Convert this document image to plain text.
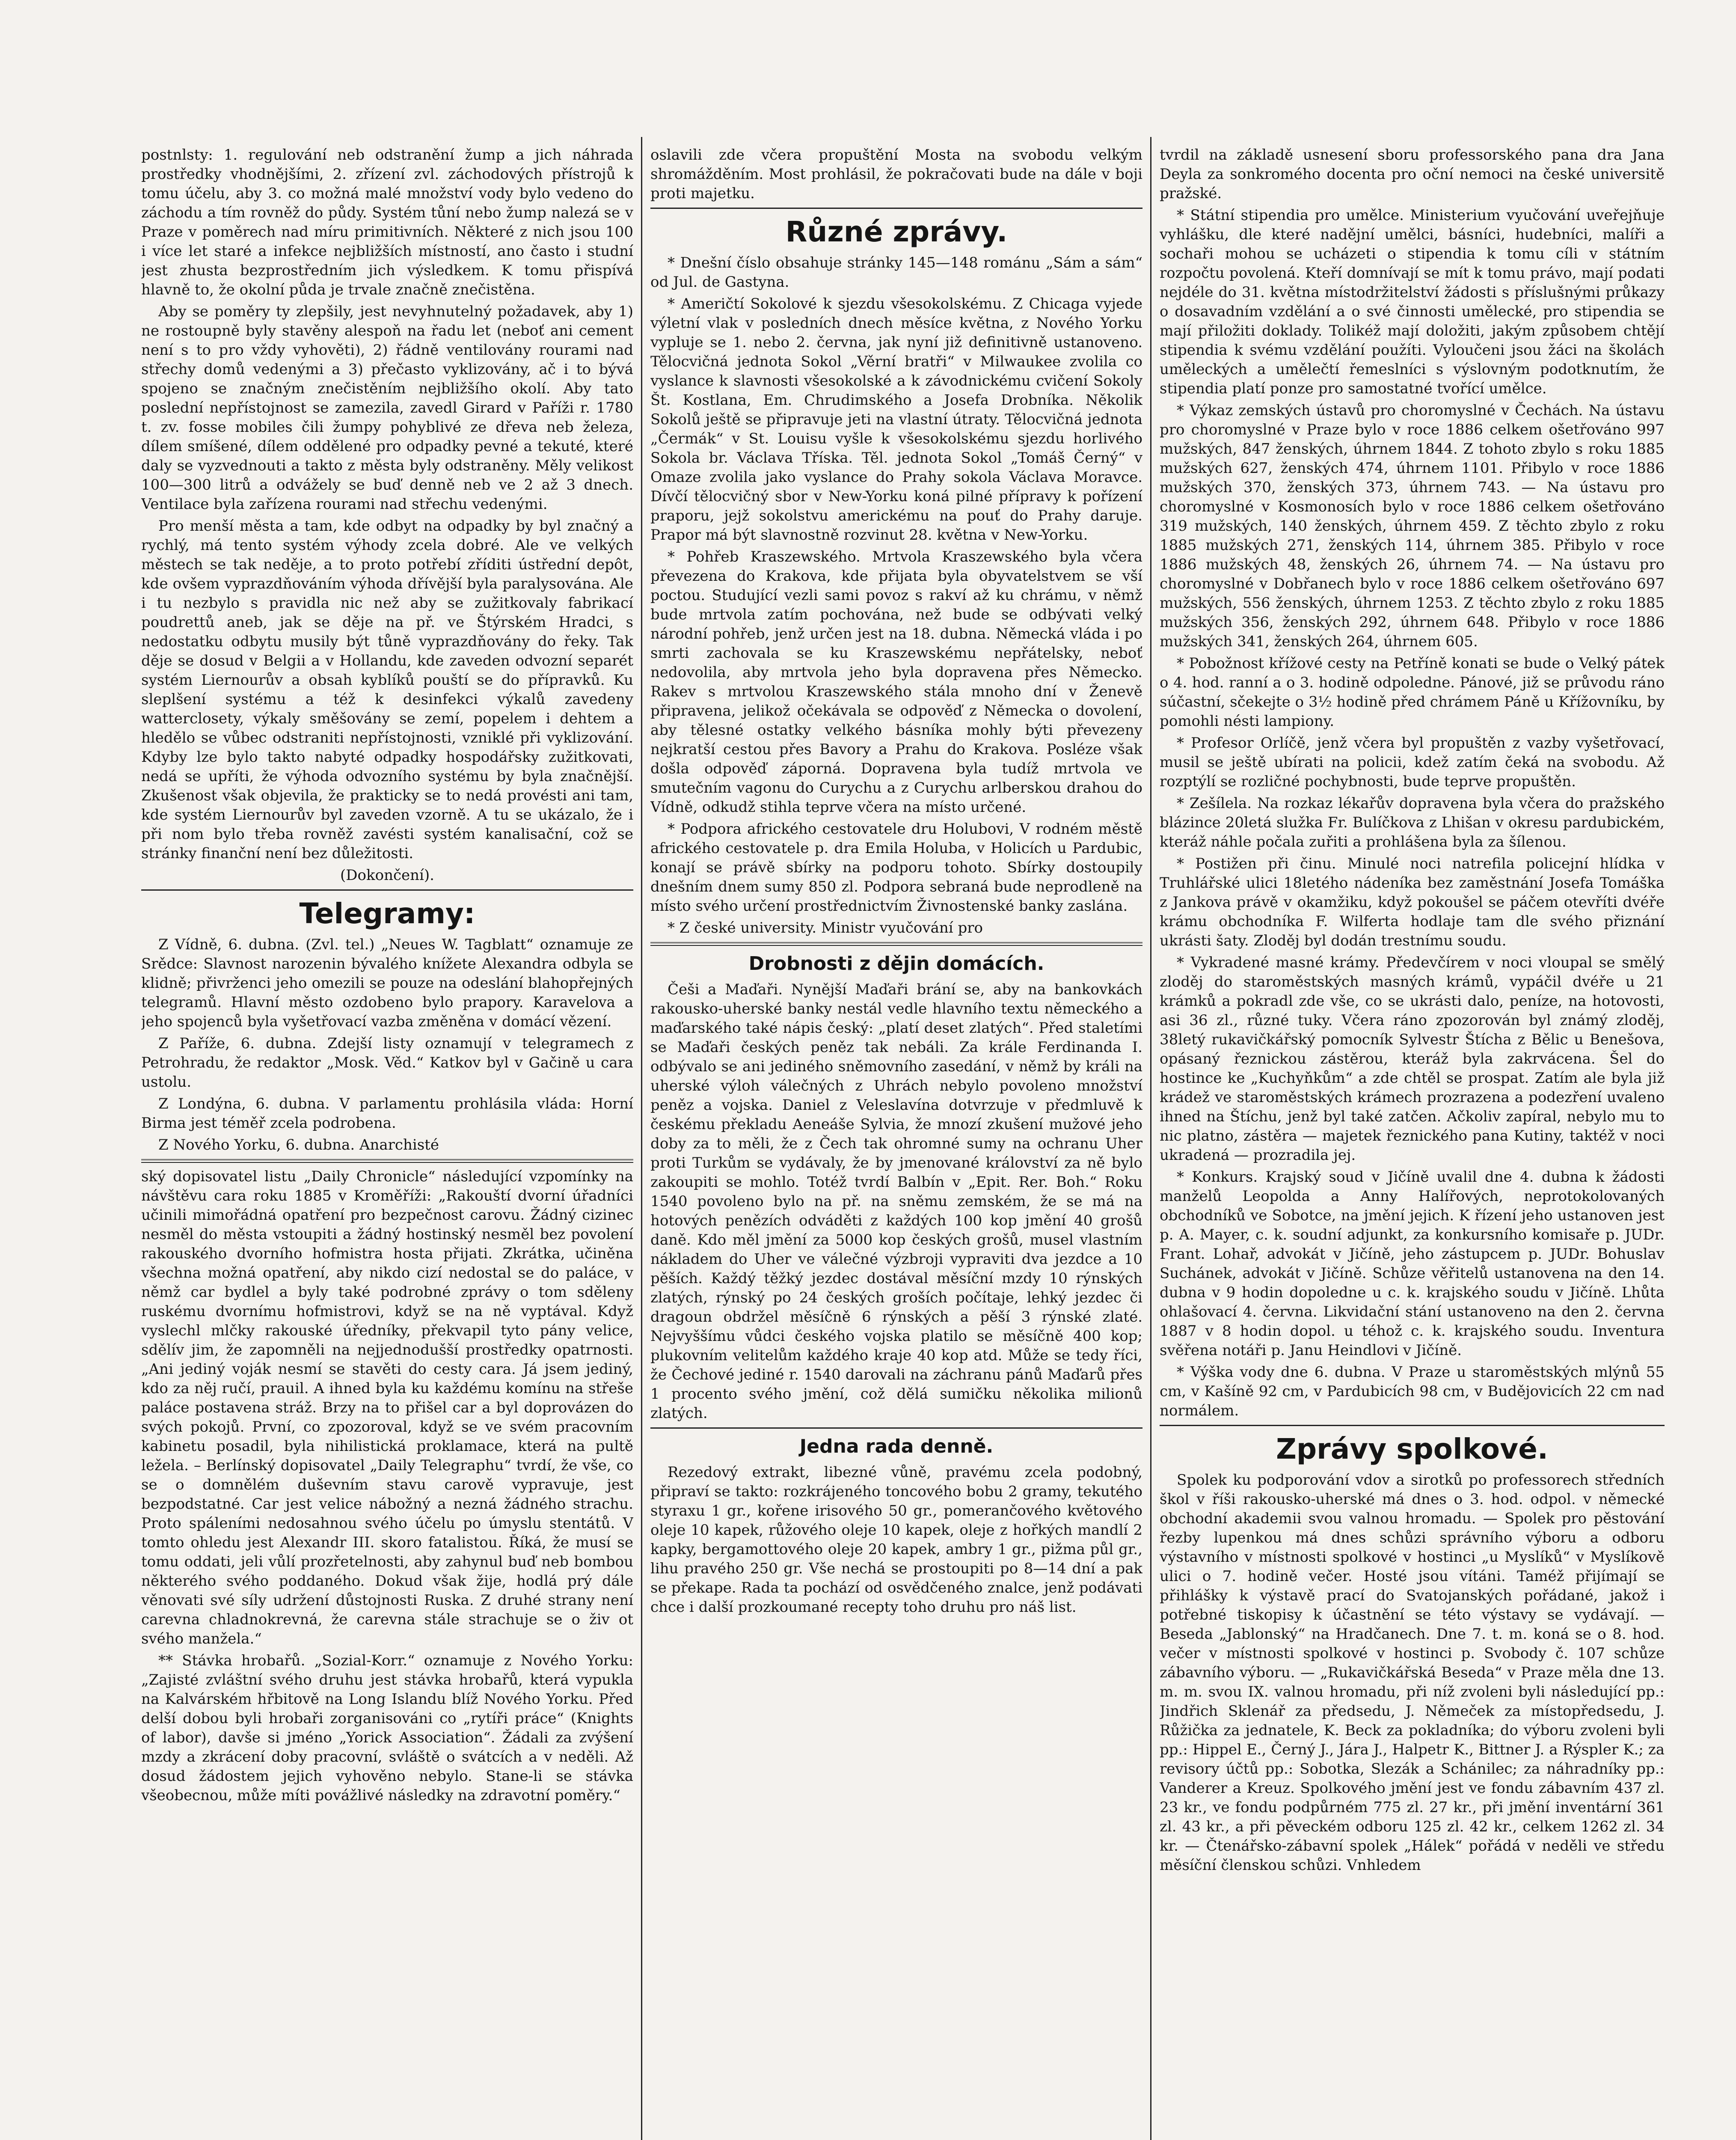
postnlsty: 1. regulování neb odstranění žump a jich náhrada prostředky vhodnějšími, 2. zřízení zvl. záchodových přístrojů k tomu účelu, aby 3. co možná malé množství vody bylo vedeno do záchodu a tím rovněž do půdy. Systém tůní nebo žump nalezá se v Praze v poměrech nad míru primitivních. Některé z nich jsou 100 i více let staré a infekce nejbližších místností, ano často i studní jest zhusta bezprostředním jich výsledkem. K tomu přispívá hlavně to, že okolní půda je trvale značně znečistěna.

Aby se poměry ty zlepšily, jest nevyhnutelný požadavek, aby 1) ne rostoupně byly stavěny alespoň na řadu let (neboť ani cement není s to pro vždy vyhověti), 2) řádně ventilovány rourami nad střechy domů vedenými a 3) přečasto vyklizovány, ač i to bývá spojeno se značným znečistěním nejbližšího okolí. Aby tato poslední nepřístojnost se zamezila, zavedl Girard v Paříži r. 1780 t. zv. fosse mobiles čili žumpy pohyblivé ze dřeva neb železa, dílem smíšené, dílem oddělené pro odpadky pevné a tekuté, které daly se vyzvednouti a takto z města byly odstraněny. Měly velikost 100—300 litrů a odvážely se buď denně neb ve 2 až 3 dnech. Ventilace byla zařízena rourami nad střechu vedenými.

Pro menší města a tam, kde odbyt na odpadky by byl značný a rychlý, má tento systém výhody zcela dobré. Ale ve velkých městech se tak neděje, a to proto potřebí zříditi ústřední depôt, kde ovšem vyprazdňováním výhoda dřívější byla paralysována. Ale i tu nezbylo s pravidla nic než aby se zužitkovaly fabrikací poudrettů aneb, jak se děje na př. ve Štýrském Hradci, s nedostatku odbytu musily být tůně vyprazdňovány do řeky. Tak děje se dosud v Belgii a v Hollandu, kde zaveden odvozní separét systém Liernourův a obsah kyblíků pouští se do přípravků. Ku sleplšení systému a též k desinfekci výkalů zavedeny watterclosety, výkaly směšovány se zemí, popelem i dehtem a hledělo se vůbec odstraniti nepřístojnosti, vzniklé při vyklizování. Kdyby lze bylo takto nabyté odpadky hospodářsky zužitkovati, nedá se upříti, že výhoda odvozního systému by byla značnější. Zkušenost však objevila, že prakticky se to nedá provésti ani tam, kde systém Liernourův byl zaveden vzorně. A tu se ukázalo, že i při nom bylo třeba rovněž zavésti systém kanalisační, což se stránky finanční není bez důležitosti.

(Dokončení).

Telegramy:

Z Vídně, 6. dubna. (Zvl. tel.) „Neues W. Tagblatt“ oznamuje ze Srědce: Slavnost narozenin bývalého knížete Alexandra odbyla se klidně; přivrženci jeho omezili se pouze na odeslání blahopřejných telegramů. Hlavní město ozdobeno bylo prapory. Karavelova a jeho spojenců byla vyšetřovací vazba změněna v domácí vězení.

Z Paříže, 6. dubna. Zdejší listy oznamují v telegramech z Petrohradu, že redaktor „Mosk. Věd.“ Katkov byl v Gačině u cara ustolu.

Z Londýna, 6. dubna. V parlamentu prohlásila vláda: Horní Birma jest téměř zcela podrobena.

Z Nového Yorku, 6. dubna. Anarchisté

ský dopisovatel listu „Daily Chronicle“ následující vzpomínky na návštěvu cara roku 1885 v Kroměříži: „Rakouští dvorní úřadníci učinili mimořádná opatření pro bezpečnost carovu. Žádný cizinec nesměl do města vstoupiti a žádný hostinský nesměl bez povolení rakouského dvorního hofmistra hosta přijati. Zkrátka, učiněna všechna možná opatření, aby nikdo cizí nedostal se do paláce, v němž car bydlel a byly také podrobné zprávy o tom sděleny ruskému dvornímu hofmistrovi, když se na ně vyptával. Když vyslechl mlčky rakouské úředníky, překvapil tyto pány velice, sdělív jim, že zapomněli na nejjednodušší prostředky opatrnosti. „Ani jediný voják nesmí se stavěti do cesty cara. Já jsem jediný, kdo za něj ručí, prauil. A ihned byla ku každému komínu na střeše paláce postavena stráž. Brzy na to přišel car a byl doprovázen do svých pokojů. První, co zpozoroval, když se ve svém pracovním kabinetu posadil, byla nihilistická proklamace, která na pultě ležela. – Berlínský dopisovatel „Daily Telegraphu“ tvrdí, že vše, co se o domnělém duševním stavu carově vypravuje, jest bezpodstatné. Car jest velice nábožný a nezná žádného strachu. Proto spáleními nedosahnou svého účelu po úmyslu stentátů. V tomto ohledu jest Alexandr III. skoro fatalistou. Říká, že musí se tomu oddati, jeli vůlí prozřetelnosti, aby zahynul buď neb bombou některého svého poddaného. Dokud však žije, hodlá prý dále věnovati své síly udržení důstojnosti Ruska. Z druhé strany není carevna chladnokrevná, že carevna stále strachuje se o živ ot svého manžela.“

** Stávka hrobařů. „Sozial-Korr.“ oznamuje z Nového Yorku: „Zajisté zvláštní svého druhu jest stávka hrobařů, která vypukla na Kalvárském hřbitově na Long Islandu blíž Nového Yorku. Před delší dobou byli hrobaři zorganisováni co „rytíři práce“ (Knights of labor), davše si jméno „Yorick Association“. Žádali za zvýšení mzdy a zkrácení doby pracovní, svláště o svátcích a v neděli. Až dosud žádostem jejich vyhověno nebylo. Stane-li se stávka všeobecnou, může míti povážlivé následky na zdravotní poměry.“

oslavili zde včera propuštění Mosta na svobodu velkým shromážděním. Most prohlásil, že pokračovati bude na dále v boji proti majetku.

Různé zprávy.

* Dnešní číslo obsahuje stránky 145—148 románu „Sám a sám“ od Jul. de Gastyna.

* Američtí Sokolové k sjezdu všesokolskému. Z Chicaga vyjede výletní vlak v posledních dnech měsíce května, z Nového Yorku vypluje se 1. nebo 2. června, jak nyní již definitivně ustanoveno. Tělocvičná jednota Sokol „Věrní bratři“ v Milwaukee zvolila co vyslance k slavnosti všesokolské a k závodnickému cvičení Sokoly Št. Kostlana, Em. Chrudimského a Josefa Drobníka. Několik Sokolů ještě se připravuje jeti na vlastní útraty. Tělocvičná jednota „Čermák“ v St. Louisu vyšle k všesokolskému sjezdu horlivého Sokola br. Václava Tříska. Těl. jednota Sokol „Tomáš Černý“ v Omaze zvolila jako vyslance do Prahy sokola Václava Moravce. Dívčí tělocvičný sbor v New-Yorku koná pilné přípravy k pořízení praporu, jejž sokolstvu americkému na pouť do Prahy daruje. Prapor má být slavnostně rozvinut 28. května v New-Yorku.

* Pohřeb Kraszewského. Mrtvola Kraszewského byla včera převezena do Krakova, kde přijata byla obyvatelstvem se vší poctou. Studující vezli sami povoz s rakví až ku chrámu, v němž bude mrtvola zatím pochována, než bude se odbývati velký národní pohřeb, jenž určen jest na 18. dubna. Německá vláda i po smrti zachovala se ku Kraszewskému nepřátelsky, neboť nedovolila, aby mrtvola jeho byla dopravena přes Německo. Rakev s mrtvolou Kraszewského stála mnoho dní v Ženevě připravena, jelikož očekávala se odpověď z Německa o dovolení, aby tělesné ostatky velkého básníka mohly býti převezeny nejkratší cestou přes Bavory a Prahu do Krakova. Posléze však došla odpověď záporná. Dopravena byla tudíž mrtvola ve smutečním vagonu do Curychu a z Curychu arlberskou drahou do Vídně, odkudž stihla teprve včera na místo určené.

* Podpora afrického cestovatele dru Holubovi, V rodném městě afrického cestovatele p. dra Emila Holuba, v Holicích u Pardubic, konají se právě sbírky na podporu tohoto. Sbírky dostoupily dnešním dnem sumy 850 zl. Podpora sebraná bude neprodleně na místo svého určení prostřednictvím Živnostenské banky zaslána.

* Z české university. Ministr vyučování pro

Drobnosti z dějin domácích.

Češi a Maďaři. Nynější Maďaři brání se, aby na bankovkách rakousko-uherské banky nestál vedle hlavního textu německého a maďarského také nápis český: „platí deset zlatých“. Před staletími se Maďaři českých peněz tak nebáli. Za krále Ferdinanda I. odbývalo se ani jediného sněmovního zasedání, v němž by králi na uherské výloh válečných z Uhrách nebylo povoleno množství peněz a vojska. Daniel z Veleslavína dotvrzuje v předmluvě k českému překladu Aeneáše Sylvia, že mnozí zkušení mužové jeho doby za to měli, že z Čech tak ohromné sumy na ochranu Uher proti Turkům se vydávaly, že by jmenované království za ně bylo zakoupiti se mohlo. Totéž tvrdí Balbín v „Epit. Rer. Boh.“ Roku 1540 povoleno bylo na př. na sněmu zemském, že se má na hotových penězích odváděti z každých 100 kop jmění 40 grošů daně. Kdo měl jmění za 5000 kop českých grošů, musel vlastním nákladem do Uher ve válečné výzbroji vypraviti dva jezdce a 10 pěších. Každý těžký jezdec dostával měsíční mzdy 10 rýnských zlatých, rýnský po 24 českých groších počítaje, lehký jezdec či dragoun obdržel měsíčně 6 rýnských a pěší 3 rýnské zlaté. Nejvyššímu vůdci českého vojska platilo se měsíčně 400 kop; plukovním velitelům každého kraje 40 kop atd. Může se tedy říci, že Čechové jediné r. 1540 darovali na záchranu pánů Maďarů přes 1 procento svého jmění, což dělá sumičku několika milionů zlatých.

Jedna rada denně.

Rezedový extrakt, libezné vůně, pravému zcela podobný, připraví se takto: rozkrájeného toncového bobu 2 gramy, tekutého styraxu 1 gr., kořene irisového 50 gr., pomerančového květového oleje 10 kapek, růžového oleje 10 kapek, oleje z hořkých mandlí 2 kapky, bergamottového oleje 20 kapek, ambry 1 gr., pižma půl gr., lihu pravého 250 gr. Vše nechá se prostoupiti po 8—14 dní a pak se překape. Rada ta pochází od osvědčeného znalce, jenž podávati chce i další prozkoumané recepty toho druhu pro náš list.

tvrdil na základě usnesení sboru professorského pana dra Jana Deyla za sonkromého docenta pro oční nemoci na české universitě pražské.

* Státní stipendia pro umělce. Ministerium vyučování uveřejňuje vyhlášku, dle které nadějní umělci, básníci, hudebníci, malíři a sochaři mohou se ucházeti o stipendia k tomu cíli v státním rozpočtu povolená. Kteří domnívají se mít k tomu právo, mají podati nejdéle do 31. května místodržitelství žádosti s příslušnými průkazy o dosavadním vzdělání a o své činnosti umělecké, pro stipendia se mají přiložiti doklady. Tolikéž mají doložiti, jakým způsobem chtějí stipendia k svému vzdělání použíti. Vyloučeni jsou žáci na školách uměleckých a umělečtí řemeslníci s výslovným podotknutím, že stipendia platí ponze pro samostatné tvořící umělce.

* Výkaz zemských ústavů pro choromyslné v Čechách. Na ústavu pro choromyslné v Praze bylo v roce 1886 celkem ošetřováno 997 mužských, 847 ženských, úhrnem 1844. Z tohoto zbylo s roku 1885 mužských 627, ženských 474, úhrnem 1101. Přibylo v roce 1886 mužských 370, ženských 373, úhrnem 743. — Na ústavu pro choromyslné v Kosmonosích bylo v roce 1886 celkem ošetřováno 319 mužských, 140 ženských, úhrnem 459. Z těchto zbylo z roku 1885 mužských 271, ženských 114, úhrnem 385. Přibylo v roce 1886 mužských 48, ženských 26, úhrnem 74. — Na ústavu pro choromyslné v Dobřanech bylo v roce 1886 celkem ošetřováno 697 mužských, 556 ženských, úhrnem 1253. Z těchto zbylo z roku 1885 mužských 356, ženských 292, úhrnem 648. Přibylo v roce 1886 mužských 341, ženských 264, úhrnem 605.

* Pobožnost křížové cesty na Petříně konati se bude o Velký pátek o 4. hod. ranní a o 3. hodině odpoledne. Pánové, již se průvodu ráno súčastní, sčekejte o 3½ hodině před chrámem Páně u Křížovníku, by pomohli nésti lampiony.

* Profesor Orlíčě, jenž včera byl propuštěn z vazby vyšetřovací, musil se ještě ubírati na policii, kdež zatím čeká na svobodu. Až rozptýlí se rozličné pochybnosti, bude teprve propuštěn.

* Zešílela. Na rozkaz lékařův dopravena byla včera do pražského blázince 20letá služka Fr. Bulíčkova z Lhišan v okresu pardubickém, kteráž náhle počala zuřiti a prohlášena byla za šílenou.

* Postižen při činu. Minulé noci natrefila policejní hlídka v Truhlářské ulici 18letého nádeníka bez zaměstnání Josefa Tomáška z Jankova právě v okamžiku, když pokoušel se páčem otevříti dvéře krámu obchodníka F. Wilferta hodlaje tam dle svého přiznání ukrásti šaty. Zloděj byl dodán trestnímu soudu.

* Vykradené masné krámy. Předevčírem v noci vloupal se smělý zloděj do staroměstských masných krámů, vypáčil dvéře u 21 krámků a pokradl zde vše, co se ukrásti dalo, peníze, na hotovosti, asi 36 zl., různé tuky. Včera ráno zpozorován byl známý zloděj, 38letý rukavičkářský pomocník Sylvestr Štícha z Bělic u Benešova, opásaný řeznickou zástěrou, kteráž byla zakrvácena. Šel do hostince ke „Kuchyňkům“ a zde chtěl se prospat. Zatím ale byla již krádež ve staroměstských krámech prozrazena a podezření uvaleno ihned na Štíchu, jenž byl také zatčen. Ačkoliv zapíral, nebylo mu to nic platno, zástěra — majetek řeznického pana Kutiny, taktéž v noci ukradená — prozradila jej.

* Konkurs. Krajský soud v Jičíně uvalil dne 4. dubna k žádosti manželů Leopolda a Anny Halířových, neprotokolovaných obchodníků ve Sobotce, na jmění jejich. K řízení jeho ustanoven jest p. A. Mayer, c. k. soudní adjunkt, za konkursního komisaře p. JUDr. Frant. Lohař, advokát v Jičíně, jeho zástupcem p. JUDr. Bohuslav Suchánek, advokát v Jičíně. Schůze věřitelů ustanovena na den 14. dubna v 9 hodin dopoledne u c. k. krajského soudu v Jičíně. Lhůta ohlašovací 4. června. Likvidační stání ustanoveno na den 2. června 1887 v 8 hodin dopol. u téhož c. k. krajského soudu. Inventura svěřena notáři p. Janu Heindlovi v Jičíně.

* Výška vody dne 6. dubna. V Praze u staroměstských mlýnů 55 cm, v Kašíně 92 cm, v Pardubicích 98 cm, v Budějovicích 22 cm nad normálem.

Zprávy spolkové.

Spolek ku podporování vdov a sirotků po professorech středních škol v říši rakousko-uherské má dnes o 3. hod. odpol. v německé obchodní akademii svou valnou hromadu. — Spolek pro pěstování řezby lupenkou má dnes schůzi správního výboru a odboru výstavního v místnosti spolkové v hostinci „u Myslíků“ v Myslíkově ulici o 7. hodině večer. Hosté jsou vítáni. Taméž přijímají se přihlášky k výstavě prací do Svatojanských pořádané, jakož i potřebné tiskopisy k účastnění se této výstavy se vydávají. — Beseda „Jablonský“ na Hradčanech. Dne 7. t. m. koná se o 8. hod. večer v místnosti spolkové v hostinci p. Svobody č. 107 schůze zábavního výboru. — „Rukavičkářská Beseda“ v Praze měla dne 13. m. m. svou IX. valnou hromadu, při níž zvoleni byli následující pp.: Jindřich Sklenář za předsedu, J. Němeček za místopředsedu, J. Růžička za jednatele, K. Beck za pokladníka; do výboru zvoleni byli pp.: Hippel E., Černý J., Jára J., Halpetr K., Bittner J. a Rýspler K.; za revisory účtů pp.: Sobotka, Slezák a Schánilec; za náhradníky pp.: Vanderer a Kreuz. Spolkového jmění jest ve fondu zábavním 437 zl. 23 kr., ve fondu podpůrném 775 zl. 27 kr., při jmění inventární 361 zl. 43 kr., a při pěveckém odboru 125 zl. 42 kr., celkem 1262 zl. 34 kr. — Čtenářsko-zábavní spolek „Hálek“ pořádá v neděli ve středu měsíční členskou schůzi. Vnhledem
